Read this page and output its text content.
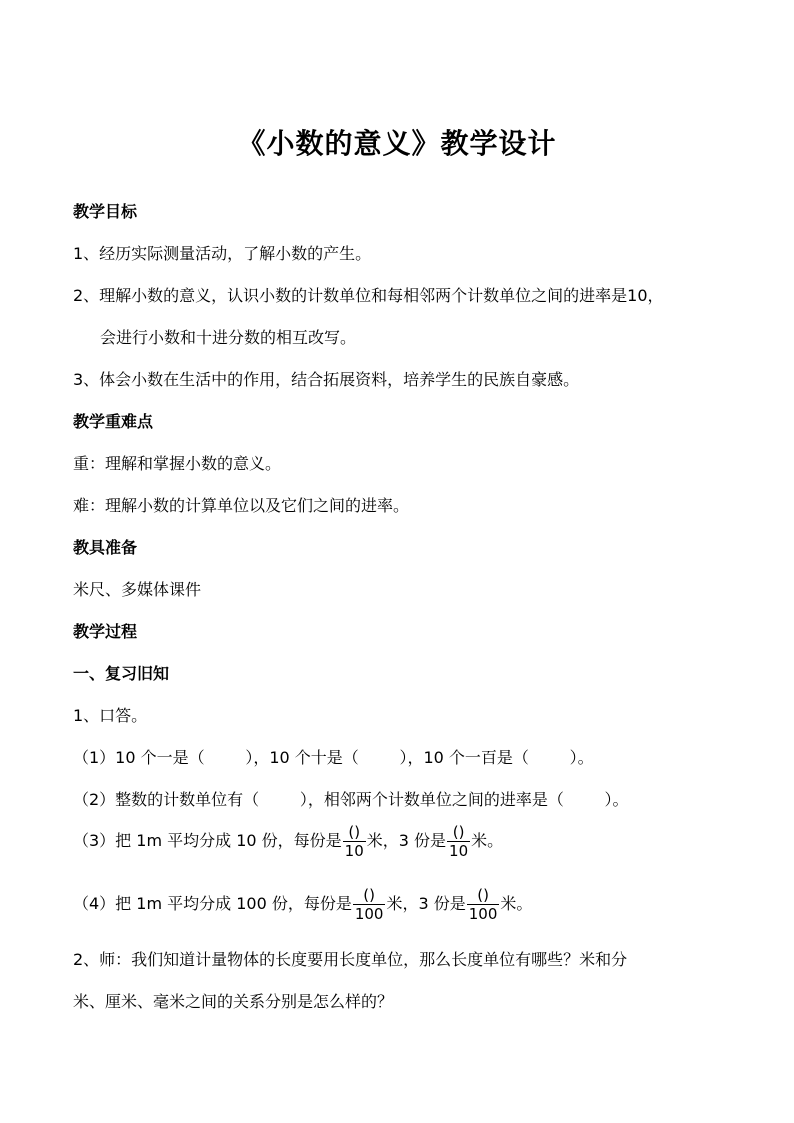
《小数的意义》教学设计
教学目标
1、经历实际测量活动，了解小数的产生。
2、理解小数的意义，认识小数的计数单位和每相邻两个计数单位之间的进率是10，
会进行小数和十进分数的相互改写。
3、体会小数在生活中的作用，结合拓展资料，培养学生的民族自豪感。
教学重难点
重：理解和掌握小数的意义。
难：理解小数的计算单位以及它们之间的进率。
教具准备
米尺、多媒体课件
教学过程
一、复习旧知
1、口答。
（1）10 个一是（        ），10 个十是（        ），10 个一百是（        ）。
（2）整数的计数单位有（        ），相邻两个计数单位之间的进率是（        ）。
（3）把 1m 平均分成 10 份，每份是 $\frac{()}{10}$ 米，3 份是 $\frac{()}{10}$ 米。
（4）把 1m 平均分成 100 份，每份是 $\frac{()}{100}$ 米，3 份是 $\frac{()}{100}$ 米。
2、师：我们知道计量物体的长度要用长度单位，那么长度单位有哪些？米和分
米、厘米、毫米之间的关系分别是怎么样的？
